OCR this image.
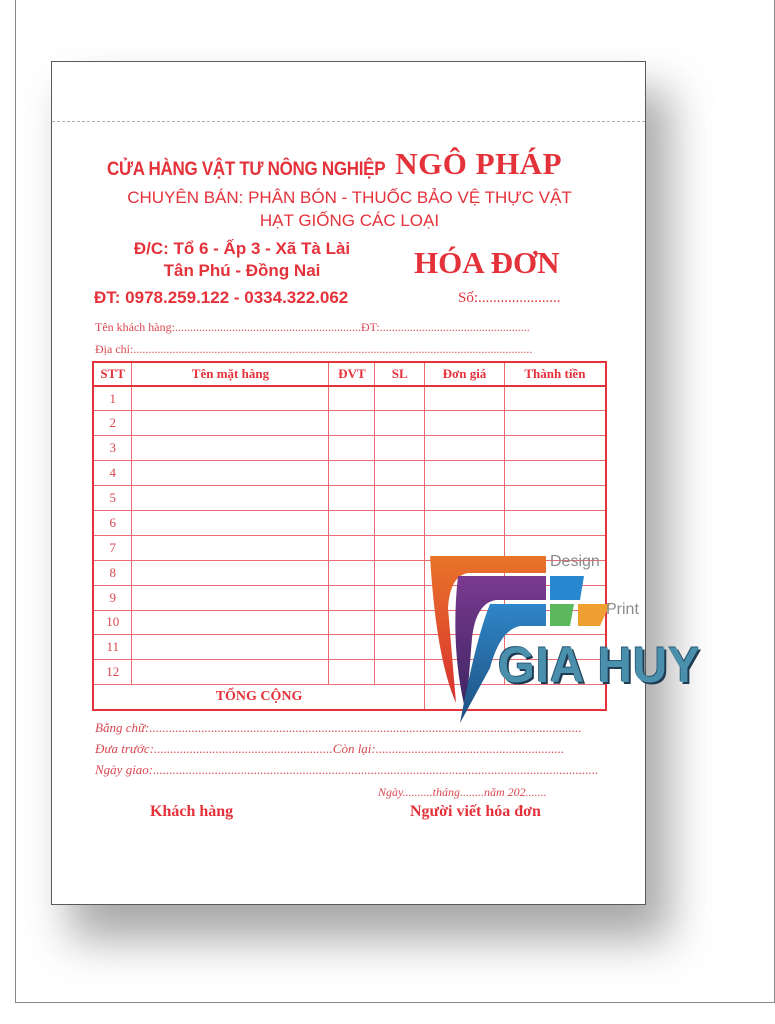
CỬA HÀNG VẬT TƯ NÔNG NGHIỆP NGÔ PHÁP
CHUYÊN BÁN: PHÂN BÓN - THUỐC BẢO VỆ THỰC VẬT
HẠT GIỐNG CÁC LOẠI
Đ/C: Tổ 6 - Ấp 3 - Xã Tà Lài
Tân Phú - Đồng Nai
ĐT: 0978.259.122 - 0334.322.062
HÓA ĐƠN
Số:......................
Tên khách hàng:..............................................................ĐT:..................................................
Địa chỉ:.....................................................................................................................................
STT	Tên mặt hàng	ĐVT	SL	Đơn giá	Thành tiền
1					
2					
3					
4					
5					
6					
7					
8					
9					
10					
11					
12					
TỔNG CỘNG					
Bằng chữ:.....................................................................................................................................
Đưa trước:.......................................................Còn lại:..........................................................
Ngày giao:.........................................................................................................................................
Ngày..........tháng........năm 202.......
Khách hàng	Người viết hóa đơn
Design
Print
GIA HUY
